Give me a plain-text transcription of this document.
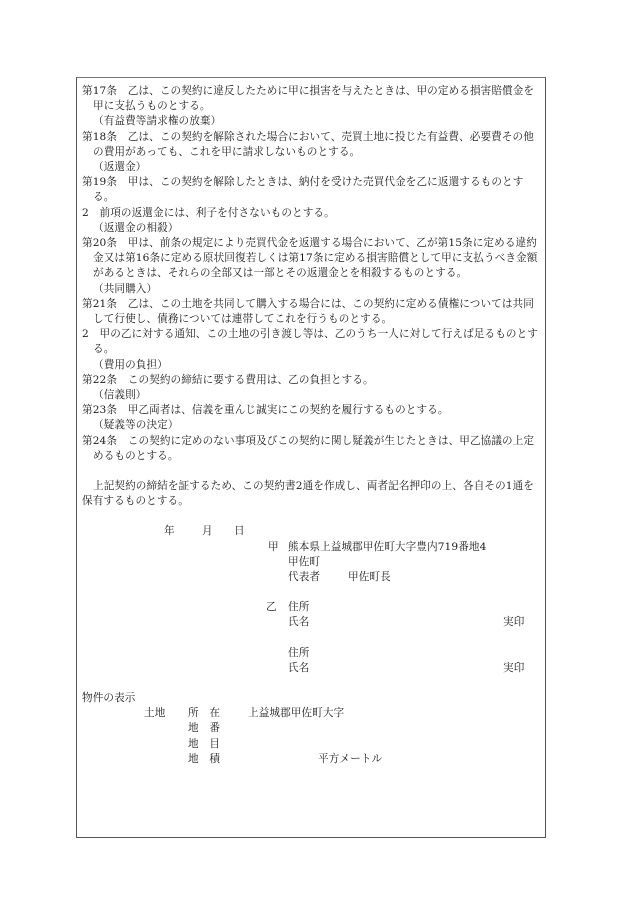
第17条　乙は、この契約に違反したために甲に損害を与えたときは、甲の定める損害賠償金を甲に支払うものとする。

（有益費等請求権の放棄）

第18条　乙は、この契約を解除された場合において、売買土地に投じた有益費、必要費その他の費用があっても、これを甲に請求しないものとする。

（返還金）

第19条　甲は、この契約を解除したときは、納付を受けた売買代金を乙に返還するものとする。

2　前項の返還金には、利子を付さないものとする。

（返還金の相殺）

第20条　甲は、前条の規定により売買代金を返還する場合において、乙が第15条に定める違約金又は第16条に定める原状回復若しくは第17条に定める損害賠償として甲に支払うべき金額があるときは、それらの全部又は一部とその返還金とを相殺するものとする。

（共同購入）

第21条　乙は、この土地を共同して購入する場合には、この契約に定める債権については共同して行使し、債務については連帯してこれを行うものとする。

2　甲の乙に対する通知、この土地の引き渡し等は、乙のうち一人に対して行えば足るものとする。

（費用の負担）

第22条　この契約の締結に要する費用は、乙の負担とする。

（信義則）

第23条　甲乙両者は、信義を重んじ誠実にこの契約を履行するものとする。

（疑義等の決定）

第24条　この契約に定めのない事項及びこの契約に関し疑義が生じたときは、甲乙協議の上定めるものとする。

上記契約の締結を証するため、この契約書2通を作成し、両者記名押印の上、各自その1通を保有するものとする。

年	月 日
甲 熊本県上益城郡甲佐町大字豊内719番地4
甲佐町
代表者	甲佐町長
乙 住所
氏名	実印
住所
氏名	実印
物件の表示
土地 所　在	上益城郡甲佐町大字
地　番
地　目
地　積	平方メートル
